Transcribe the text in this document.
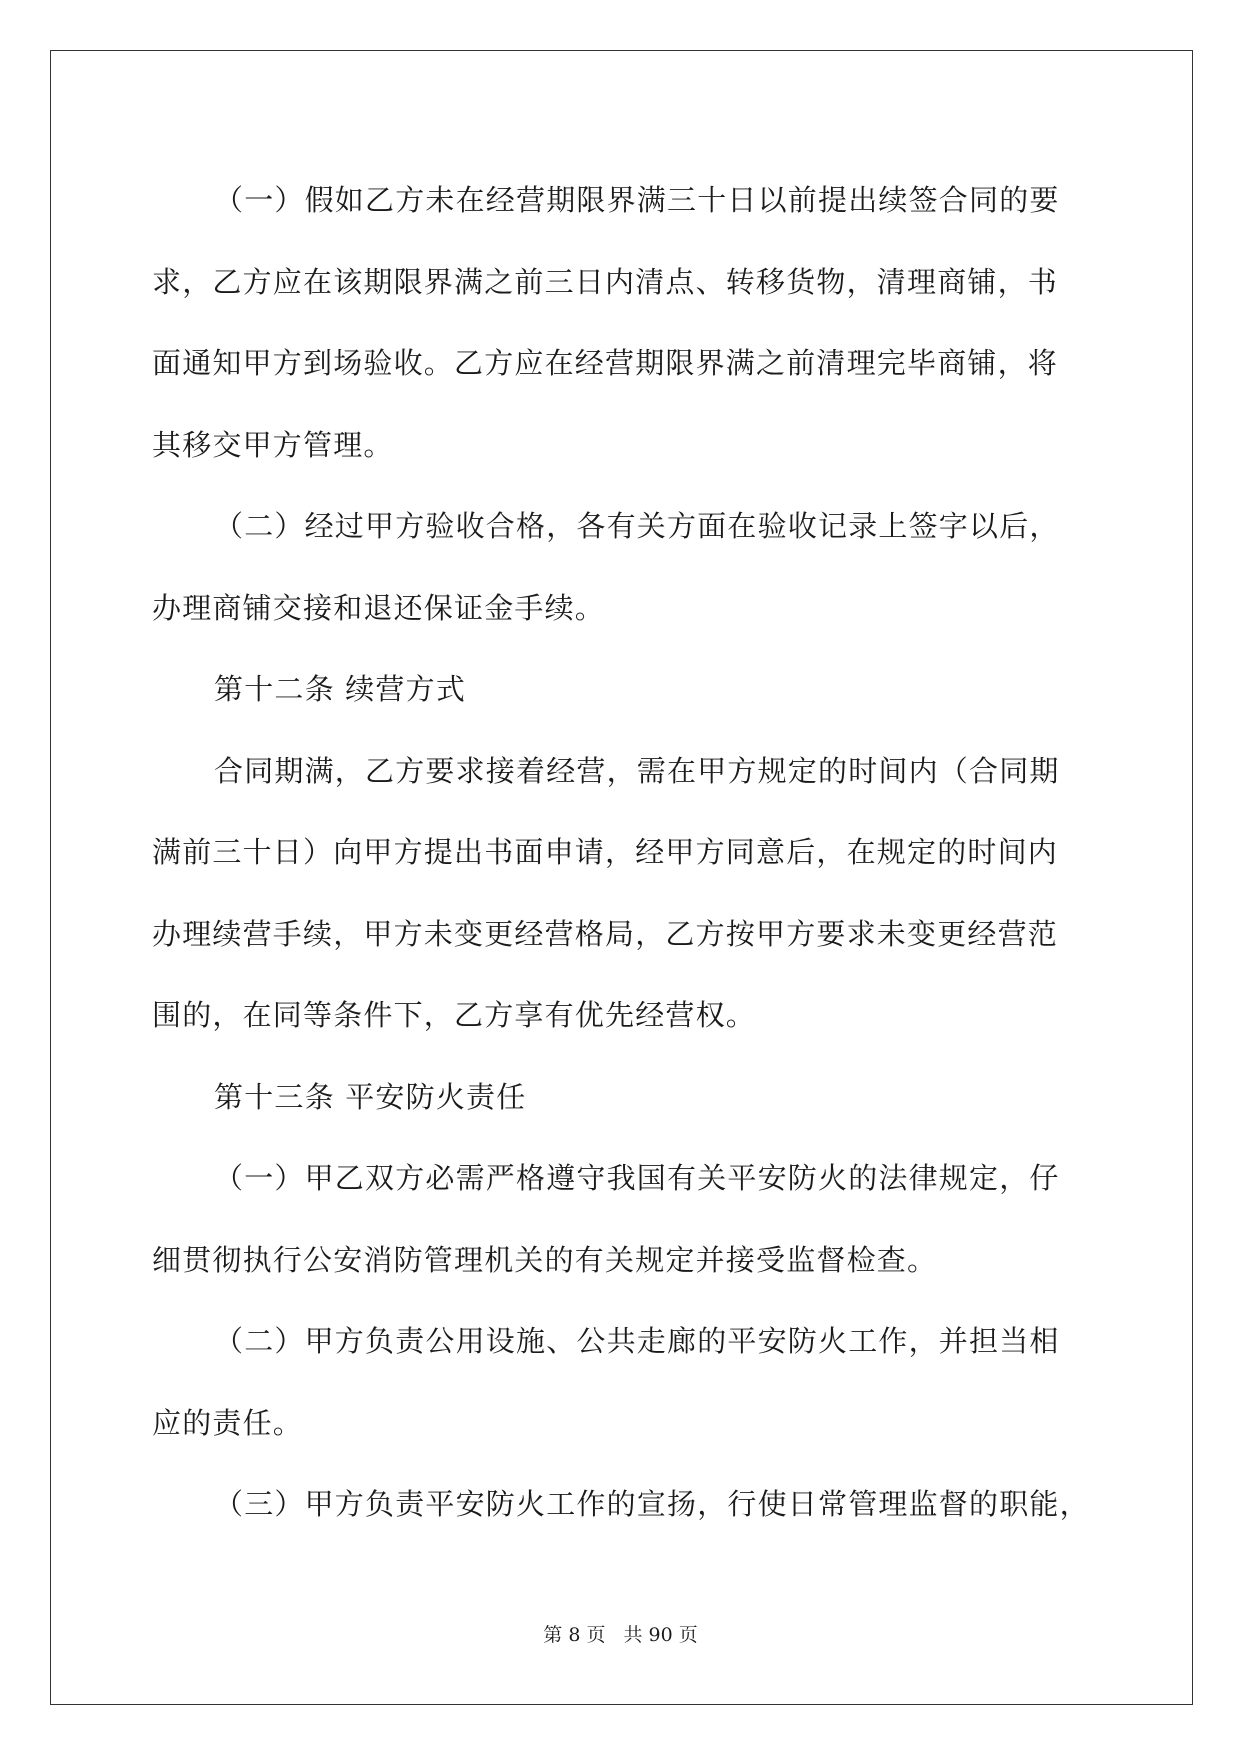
（一）假如乙方未在经营期限界满三十日以前提出续签合同的要
求，乙方应在该期限界满之前三日内清点、转移货物，清理商铺，书
面通知甲方到场验收。乙方应在经营期限界满之前清理完毕商铺，将
其移交甲方管理。
（二）经过甲方验收合格，各有关方面在验收记录上签字以后，
办理商铺交接和退还保证金手续。
第十二条 续营方式
合同期满，乙方要求接着经营，需在甲方规定的时间内（合同期
满前三十日）向甲方提出书面申请，经甲方同意后，在规定的时间内
办理续营手续，甲方未变更经营格局，乙方按甲方要求未变更经营范
围的，在同等条件下，乙方享有优先经营权。
第十三条 平安防火责任
（一）甲乙双方必需严格遵守我国有关平安防火的法律规定，仔
细贯彻执行公安消防管理机关的有关规定并接受监督检查。
（二）甲方负责公用设施、公共走廊的平安防火工作，并担当相
应的责任。
（三）甲方负责平安防火工作的宣扬，行使日常管理监督的职能，
第 8 页 共 90 页
